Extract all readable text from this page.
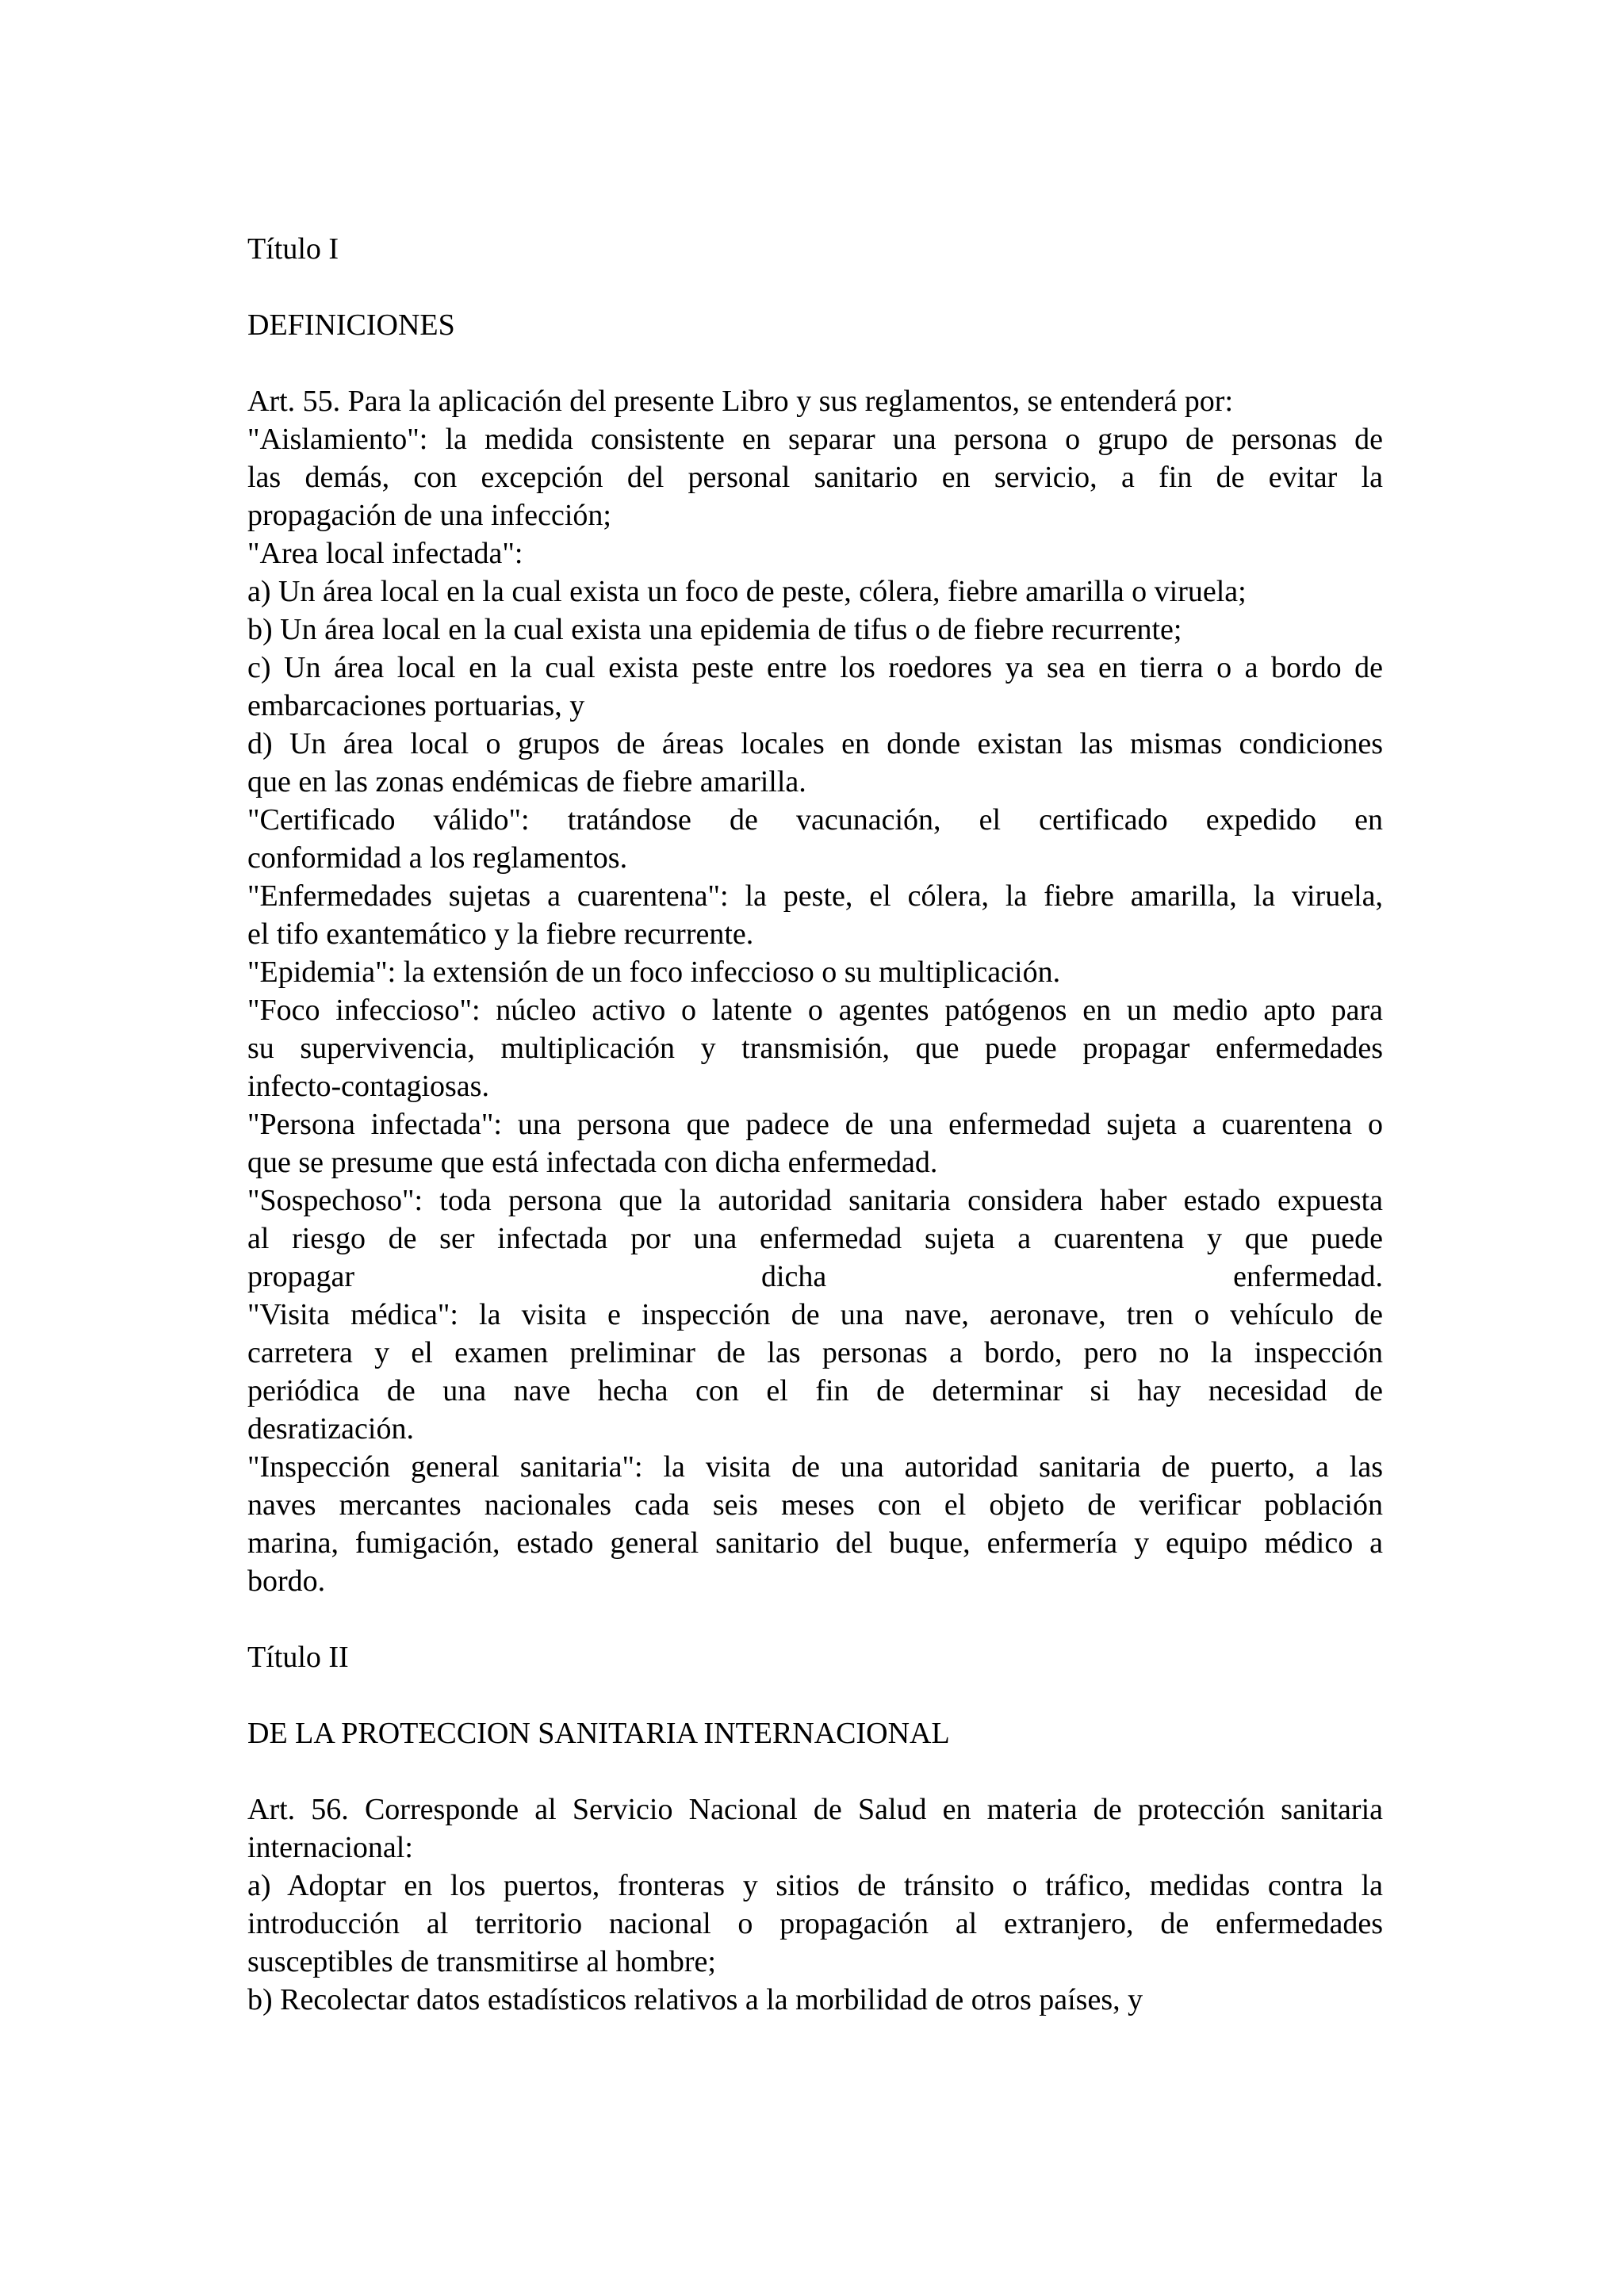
Título I
DEFINICIONES
Art. 55. Para la aplicación del presente Libro y sus reglamentos, se entenderá por:
"Aislamiento": la medida consistente en separar una persona o grupo de personas de
las demás, con excepción del personal sanitario en servicio, a fin de evitar la
propagación de una infección;
"Area local infectada":
a) Un área local en la cual exista un foco de peste, cólera, fiebre amarilla o viruela;
b) Un área local en la cual exista una epidemia de tifus o de fiebre recurrente;
c) Un área local en la cual exista peste entre los roedores ya sea en tierra o a bordo de
embarcaciones portuarias, y
d) Un área local o grupos de áreas locales en donde existan las mismas condiciones
que en las zonas endémicas de fiebre amarilla.
"Certificado válido": tratándose de vacunación, el certificado expedido en
conformidad a los reglamentos.
"Enfermedades sujetas a cuarentena": la peste, el cólera, la fiebre amarilla, la viruela,
el tifo exantemático y la fiebre recurrente.
"Epidemia": la extensión de un foco infeccioso o su multiplicación.
"Foco infeccioso": núcleo activo o latente o agentes patógenos en un medio apto para
su supervivencia, multiplicación y transmisión, que puede propagar enfermedades
infecto-contagiosas.
"Persona infectada": una persona que padece de una enfermedad sujeta a cuarentena o
que se presume que está infectada con dicha enfermedad.
"Sospechoso": toda persona que la autoridad sanitaria considera haber estado expuesta
al riesgo de ser infectada por una enfermedad sujeta a cuarentena y que puede
propagar dicha enfermedad.
"Visita médica": la visita e inspección de una nave, aeronave, tren o vehículo de
carretera y el examen preliminar de las personas a bordo, pero no la inspección
periódica de una nave hecha con el fin de determinar si hay necesidad de
desratización.
"Inspección general sanitaria": la visita de una autoridad sanitaria de puerto, a las
naves mercantes nacionales cada seis meses con el objeto de verificar población
marina, fumigación, estado general sanitario del buque, enfermería y equipo médico a
bordo.
Título II
DE LA PROTECCION SANITARIA INTERNACIONAL
Art. 56. Corresponde al Servicio Nacional de Salud en materia de protección sanitaria
internacional:
a) Adoptar en los puertos, fronteras y sitios de tránsito o tráfico, medidas contra la
introducción al territorio nacional o propagación al extranjero, de enfermedades
susceptibles de transmitirse al hombre;
b) Recolectar datos estadísticos relativos a la morbilidad de otros países, y
